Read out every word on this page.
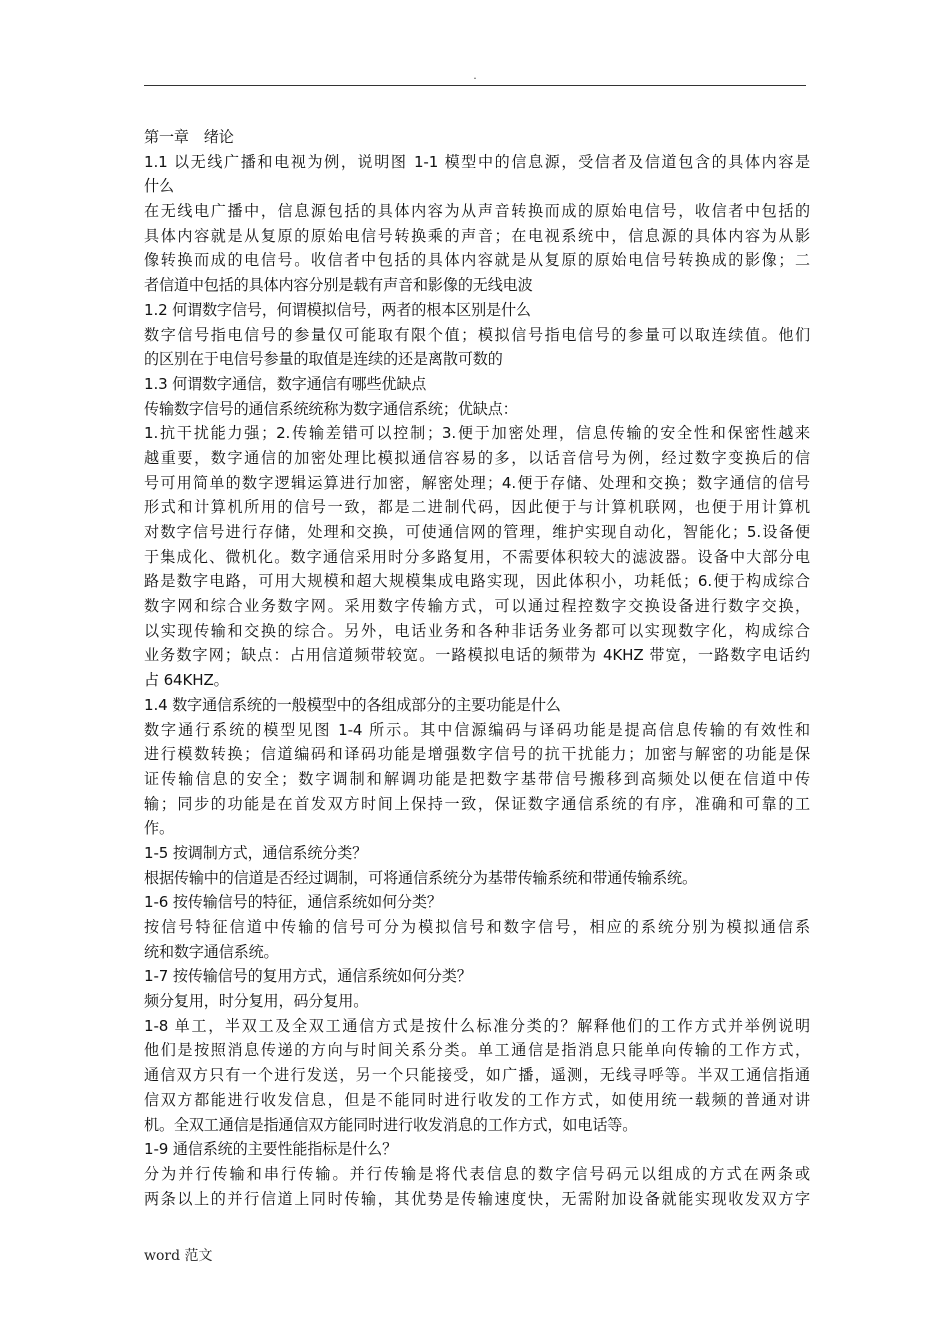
.
第一章　绪论
1.1 以无线广播和电视为例，说明图 1-1 模型中的信息源，受信者及信道包含的具体内容是
什么
在无线电广播中，信息源包括的具体内容为从声音转换而成的原始电信号，收信者中包括的
具体内容就是从复原的原始电信号转换乘的声音；在电视系统中，信息源的具体内容为从影
像转换而成的电信号。收信者中包括的具体内容就是从复原的原始电信号转换成的影像；二
者信道中包括的具体内容分别是载有声音和影像的无线电波
1.2 何谓数字信号，何谓模拟信号，两者的根本区别是什么
数字信号指电信号的参量仅可能取有限个值；模拟信号指电信号的参量可以取连续值。他们
的区别在于电信号参量的取值是连续的还是离散可数的
1.3 何谓数字通信，数字通信有哪些优缺点
传输数字信号的通信系统统称为数字通信系统；优缺点：
1.抗干扰能力强；2.传输差错可以控制；3.便于加密处理，信息传输的安全性和保密性越来
越重要，数字通信的加密处理比模拟通信容易的多，以话音信号为例，经过数字变换后的信
号可用简单的数字逻辑运算进行加密，解密处理；4.便于存储、处理和交换；数字通信的信号
形式和计算机所用的信号一致，都是二进制代码，因此便于与计算机联网，也便于用计算机
对数字信号进行存储，处理和交换，可使通信网的管理，维护实现自动化，智能化；5.设备便
于集成化、微机化。数字通信采用时分多路复用，不需要体积较大的滤波器。设备中大部分电
路是数字电路，可用大规模和超大规模集成电路实现，因此体积小，功耗低；6.便于构成综合
数字网和综合业务数字网。采用数字传输方式，可以通过程控数字交换设备进行数字交换，
以实现传输和交换的综合。另外，电话业务和各种非话务业务都可以实现数字化，构成综合
业务数字网；缺点：占用信道频带较宽。一路模拟电话的频带为 4KHZ 带宽，一路数字电话约
占 64KHZ。
1.4 数字通信系统的一般模型中的各组成部分的主要功能是什么
数字通行系统的模型见图 1-4 所示。其中信源编码与译码功能是提高信息传输的有效性和
进行模数转换；信道编码和译码功能是增强数字信号的抗干扰能力；加密与解密的功能是保
证传输信息的安全；数字调制和解调功能是把数字基带信号搬移到高频处以便在信道中传
输；同步的功能是在首发双方时间上保持一致，保证数字通信系统的有序，准确和可靠的工
作。
1-5 按调制方式，通信系统分类？
根据传输中的信道是否经过调制，可将通信系统分为基带传输系统和带通传输系统。
1-6 按传输信号的特征，通信系统如何分类？
按信号特征信道中传输的信号可分为模拟信号和数字信号，相应的系统分别为模拟通信系
统和数字通信系统。
1-7 按传输信号的复用方式，通信系统如何分类？
频分复用，时分复用，码分复用。
1-8 单工，半双工及全双工通信方式是按什么标准分类的？解释他们的工作方式并举例说明
他们是按照消息传递的方向与时间关系分类。单工通信是指消息只能单向传输的工作方式，
通信双方只有一个进行发送，另一个只能接受，如广播，遥测，无线寻呼等。半双工通信指通
信双方都能进行收发信息，但是不能同时进行收发的工作方式，如使用统一载频的普通对讲
机。全双工通信是指通信双方能同时进行收发消息的工作方式，如电话等。
1-9 通信系统的主要性能指标是什么？
分为并行传输和串行传输。并行传输是将代表信息的数字信号码元以组成的方式在两条或
两条以上的并行信道上同时传输，其优势是传输速度快，无需附加设备就能实现收发双方字
word 范文
